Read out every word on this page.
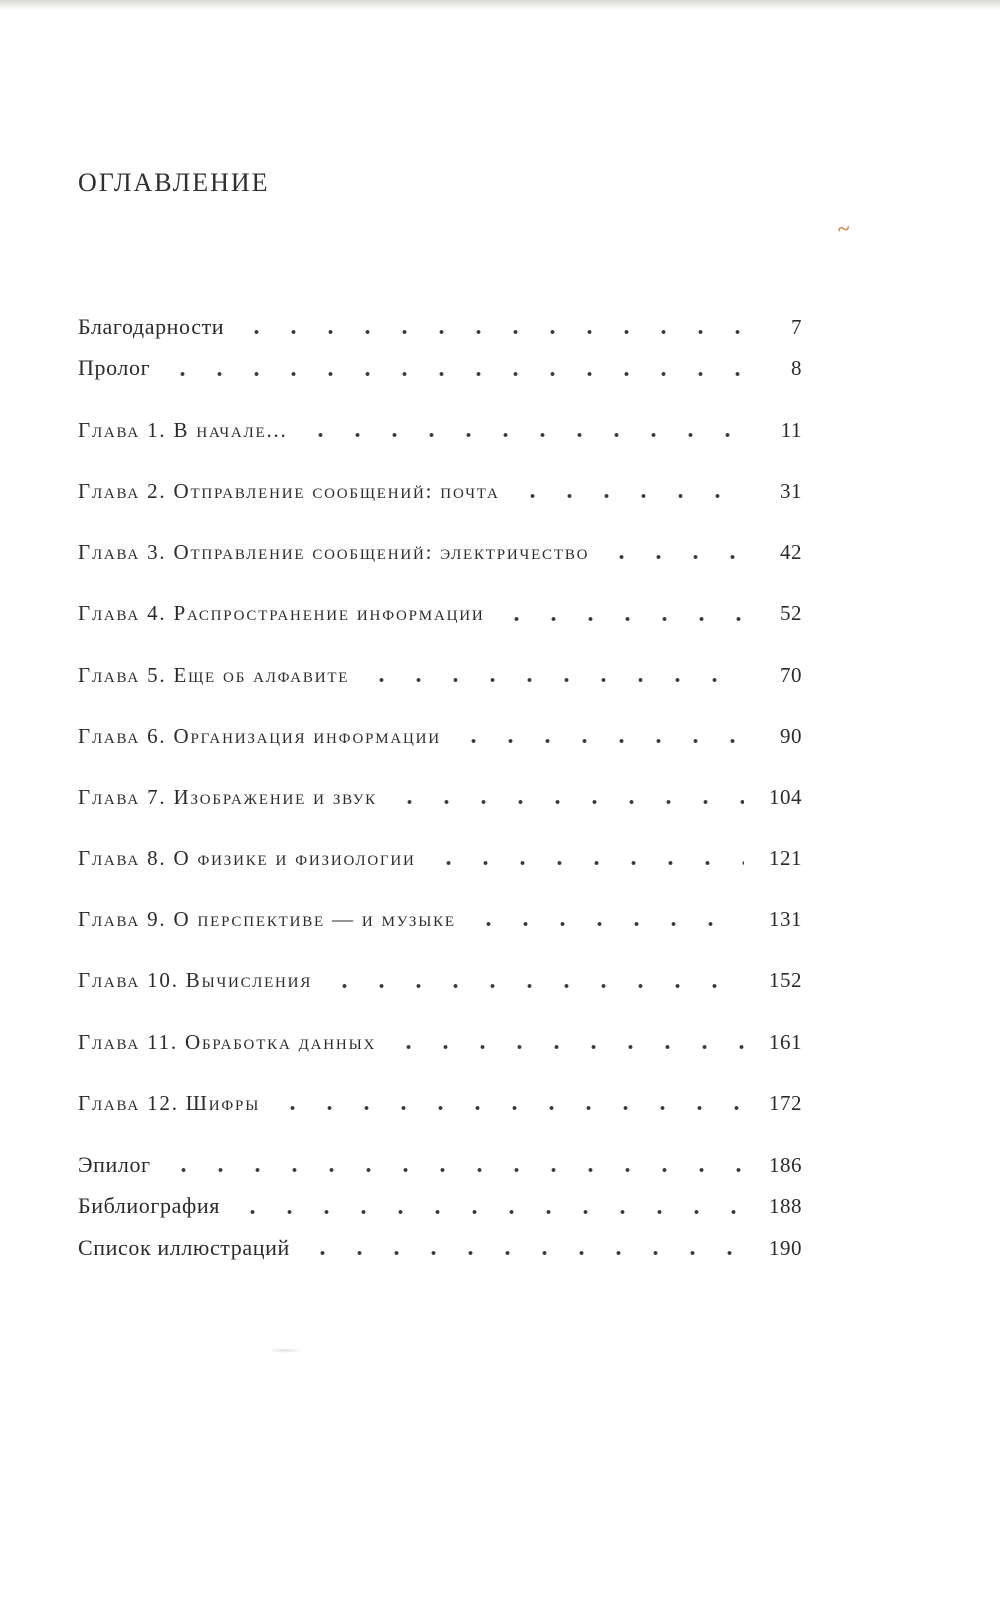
ОГЛАВЛЕНИЕ
Благодарности	7
Пролог	8
Глава 1. В начале...	11
Глава 2. Отправление сообщений: почта	31
Глава 3. Отправление сообщений: электричество	42
Глава 4. Распространение информации	52
Глава 5. Еще об алфавите	70
Глава 6. Организация информации	90
Глава 7. Изображение и звук	104
Глава 8. О физике и физиологии	121
Глава 9. О перспективе — и музыке	131
Глава 10. Вычисления	152
Глава 11. Обработка данных	161
Глава 12. Шифры	172
Эпилог	186
Библиография	188
Список иллюстраций	190
~
